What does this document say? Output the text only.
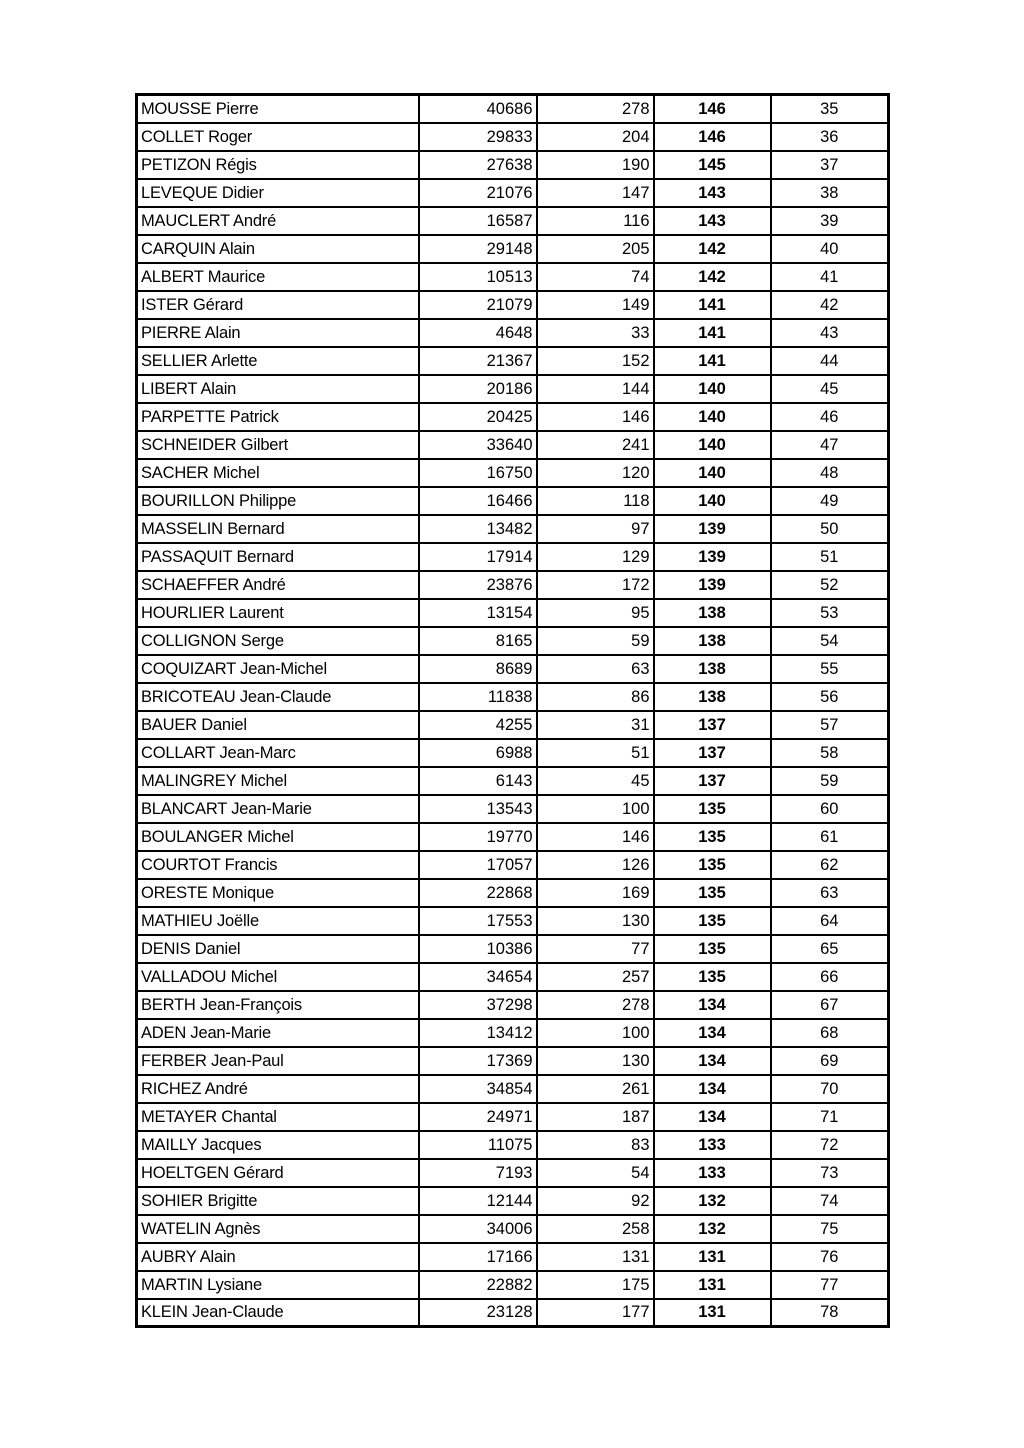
MOUSSE Pierre	40686	278	146	35
COLLET Roger	29833	204	146	36
PETIZON Régis	27638	190	145	37
LEVEQUE Didier	21076	147	143	38
MAUCLERT André	16587	116	143	39
CARQUIN Alain	29148	205	142	40
ALBERT Maurice	10513	74	142	41
ISTER Gérard	21079	149	141	42
PIERRE Alain	4648	33	141	43
SELLIER Arlette	21367	152	141	44
LIBERT Alain	20186	144	140	45
PARPETTE Patrick	20425	146	140	46
SCHNEIDER Gilbert	33640	241	140	47
SACHER Michel	16750	120	140	48
BOURILLON Philippe	16466	118	140	49
MASSELIN Bernard	13482	97	139	50
PASSAQUIT Bernard	17914	129	139	51
SCHAEFFER André	23876	172	139	52
HOURLIER Laurent	13154	95	138	53
COLLIGNON Serge	8165	59	138	54
COQUIZART Jean-Michel	8689	63	138	55
BRICOTEAU Jean-Claude	11838	86	138	56
BAUER Daniel	4255	31	137	57
COLLART Jean-Marc	6988	51	137	58
MALINGREY Michel	6143	45	137	59
BLANCART Jean-Marie	13543	100	135	60
BOULANGER Michel	19770	146	135	61
COURTOT Francis	17057	126	135	62
ORESTE Monique	22868	169	135	63
MATHIEU Joëlle	17553	130	135	64
DENIS Daniel	10386	77	135	65
VALLADOU Michel	34654	257	135	66
BERTH Jean-François	37298	278	134	67
ADEN Jean-Marie	13412	100	134	68
FERBER Jean-Paul	17369	130	134	69
RICHEZ André	34854	261	134	70
METAYER Chantal	24971	187	134	71
MAILLY Jacques	11075	83	133	72
HOELTGEN Gérard	7193	54	133	73
SOHIER Brigitte	12144	92	132	74
WATELIN Agnès	34006	258	132	75
AUBRY Alain	17166	131	131	76
MARTIN Lysiane	22882	175	131	77
KLEIN Jean-Claude	23128	177	131	78
